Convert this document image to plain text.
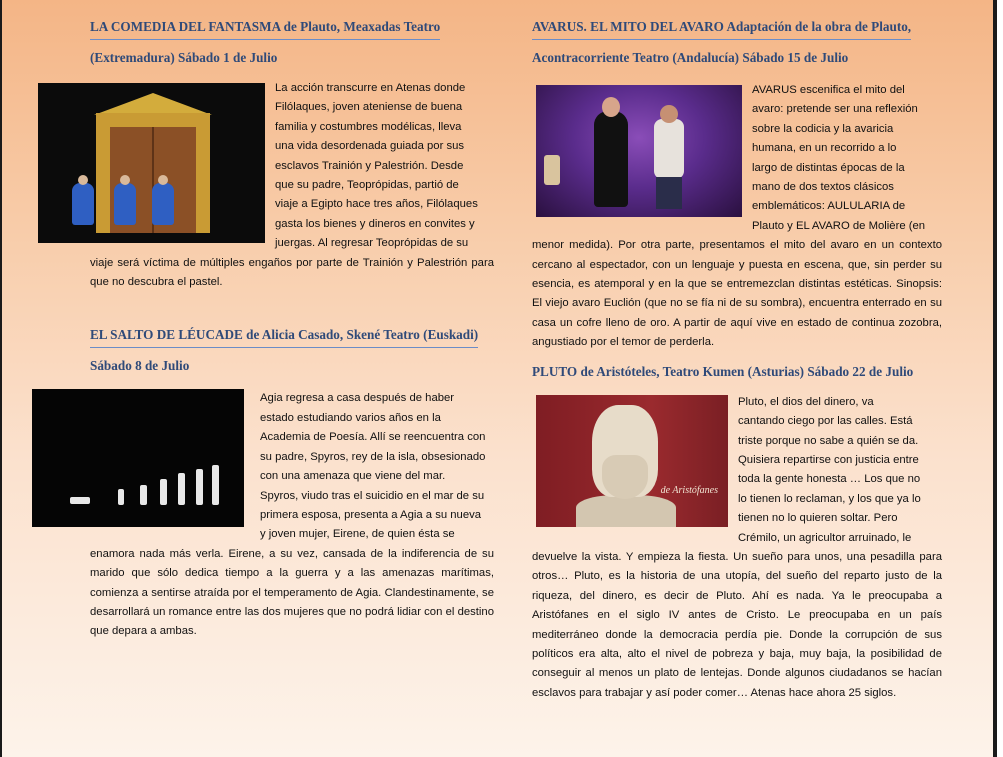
LA COMEDIA DEL FANTASMA de Plauto, Meaxadas Teatro
(Extremadura) Sábado 1 de Julio
La acción transcurre en Atenas donde
Filólaques, joven ateniense de buena
familia y costumbres modélicas, lleva
una vida desordenada guiada por sus
esclavos Trainión y Palestrión. Desde
que su padre, Teoprópidas, partió de
viaje a Egipto hace tres años, Filólaques
gasta los bienes y dineros en convites y
juergas. Al regresar Teoprópidas de su

viaje será víctima de múltiples engaños por parte de Trainión y Palestrión para que no descubra el pastel.

EL SALTO DE LÉUCADE de Alicia Casado, Skené Teatro (Euskadi)
Sábado 8 de Julio
Agia regresa a casa después de haber
estado estudiando varios años en la
Academia de Poesía. Allí se reencuentra con
su padre, Spyros, rey de la isla, obsesionado
con una amenaza que viene del mar.
Spyros, viudo tras el suicidio en el mar de su
primera esposa, presenta a Agia a su nueva
y joven mujer, Eirene, de quien ésta se

enamora nada más verla. Eirene, a su vez, cansada de la indiferencia de su marido que sólo dedica tiempo a la guerra y a las amenazas marítimas, comienza a sentirse atraída por el temperamento de Agia. Clandestinamente, se desarrollará un romance entre las dos mujeres que no podrá lidiar con el destino que depara a ambas.

AVARUS. EL MITO DEL AVARO Adaptación de la obra de Plauto,
Acontracorriente Teatro (Andalucía) Sábado 15 de Julio
AVARUS escenifica el mito del
avaro: pretende ser una reflexión
sobre la codicia y la avaricia
humana, en un recorrido a lo
largo de distintas épocas de la
mano de dos textos clásicos
emblemáticos: AULULARIA de
Plauto y EL AVARO de Molière (en

menor medida). Por otra parte, presentamos el mito del avaro en un contexto cercano al espectador, con un lenguaje y puesta en escena, que, sin perder su esencia, es atemporal y en la que se entremezclan distintas estéticas. Sinopsis: El viejo avaro Euclión (que no se fía ni de su sombra), encuentra enterrado en su casa un cofre lleno de oro. A partir de aquí vive en estado de continua zozobra, angustiado por el temor de perderla.

PLUTO de Aristóteles, Teatro Kumen (Asturias) Sábado 22 de Julio
de Aristófanes
Pluto, el dios del dinero, va
cantando ciego por las calles. Está
triste porque no sabe a quién se da.
Quisiera repartirse con justicia entre
toda la gente honesta … Los que no
lo tienen lo reclaman, y los que ya lo
tienen no lo quieren soltar. Pero
Crémilo, un agricultor arruinado, le

devuelve la vista. Y empieza la fiesta. Un sueño para unos, una pesadilla para otros… Pluto, es la historia de una utopía, del sueño del reparto justo de la riqueza, del dinero, es decir de Pluto. Ahí es nada. Ya le preocupaba a Aristófanes en el siglo IV antes de Cristo. Le preocupaba en un país mediterráneo donde la democracia perdía pie. Donde la corrupción de sus políticos era alta, alto el nivel de pobreza y baja, muy baja, la posibilidad de conseguir al menos un plato de lentejas. Donde algunos ciudadanos se hacían esclavos para trabajar y así poder comer… Atenas hace ahora 25 siglos.
